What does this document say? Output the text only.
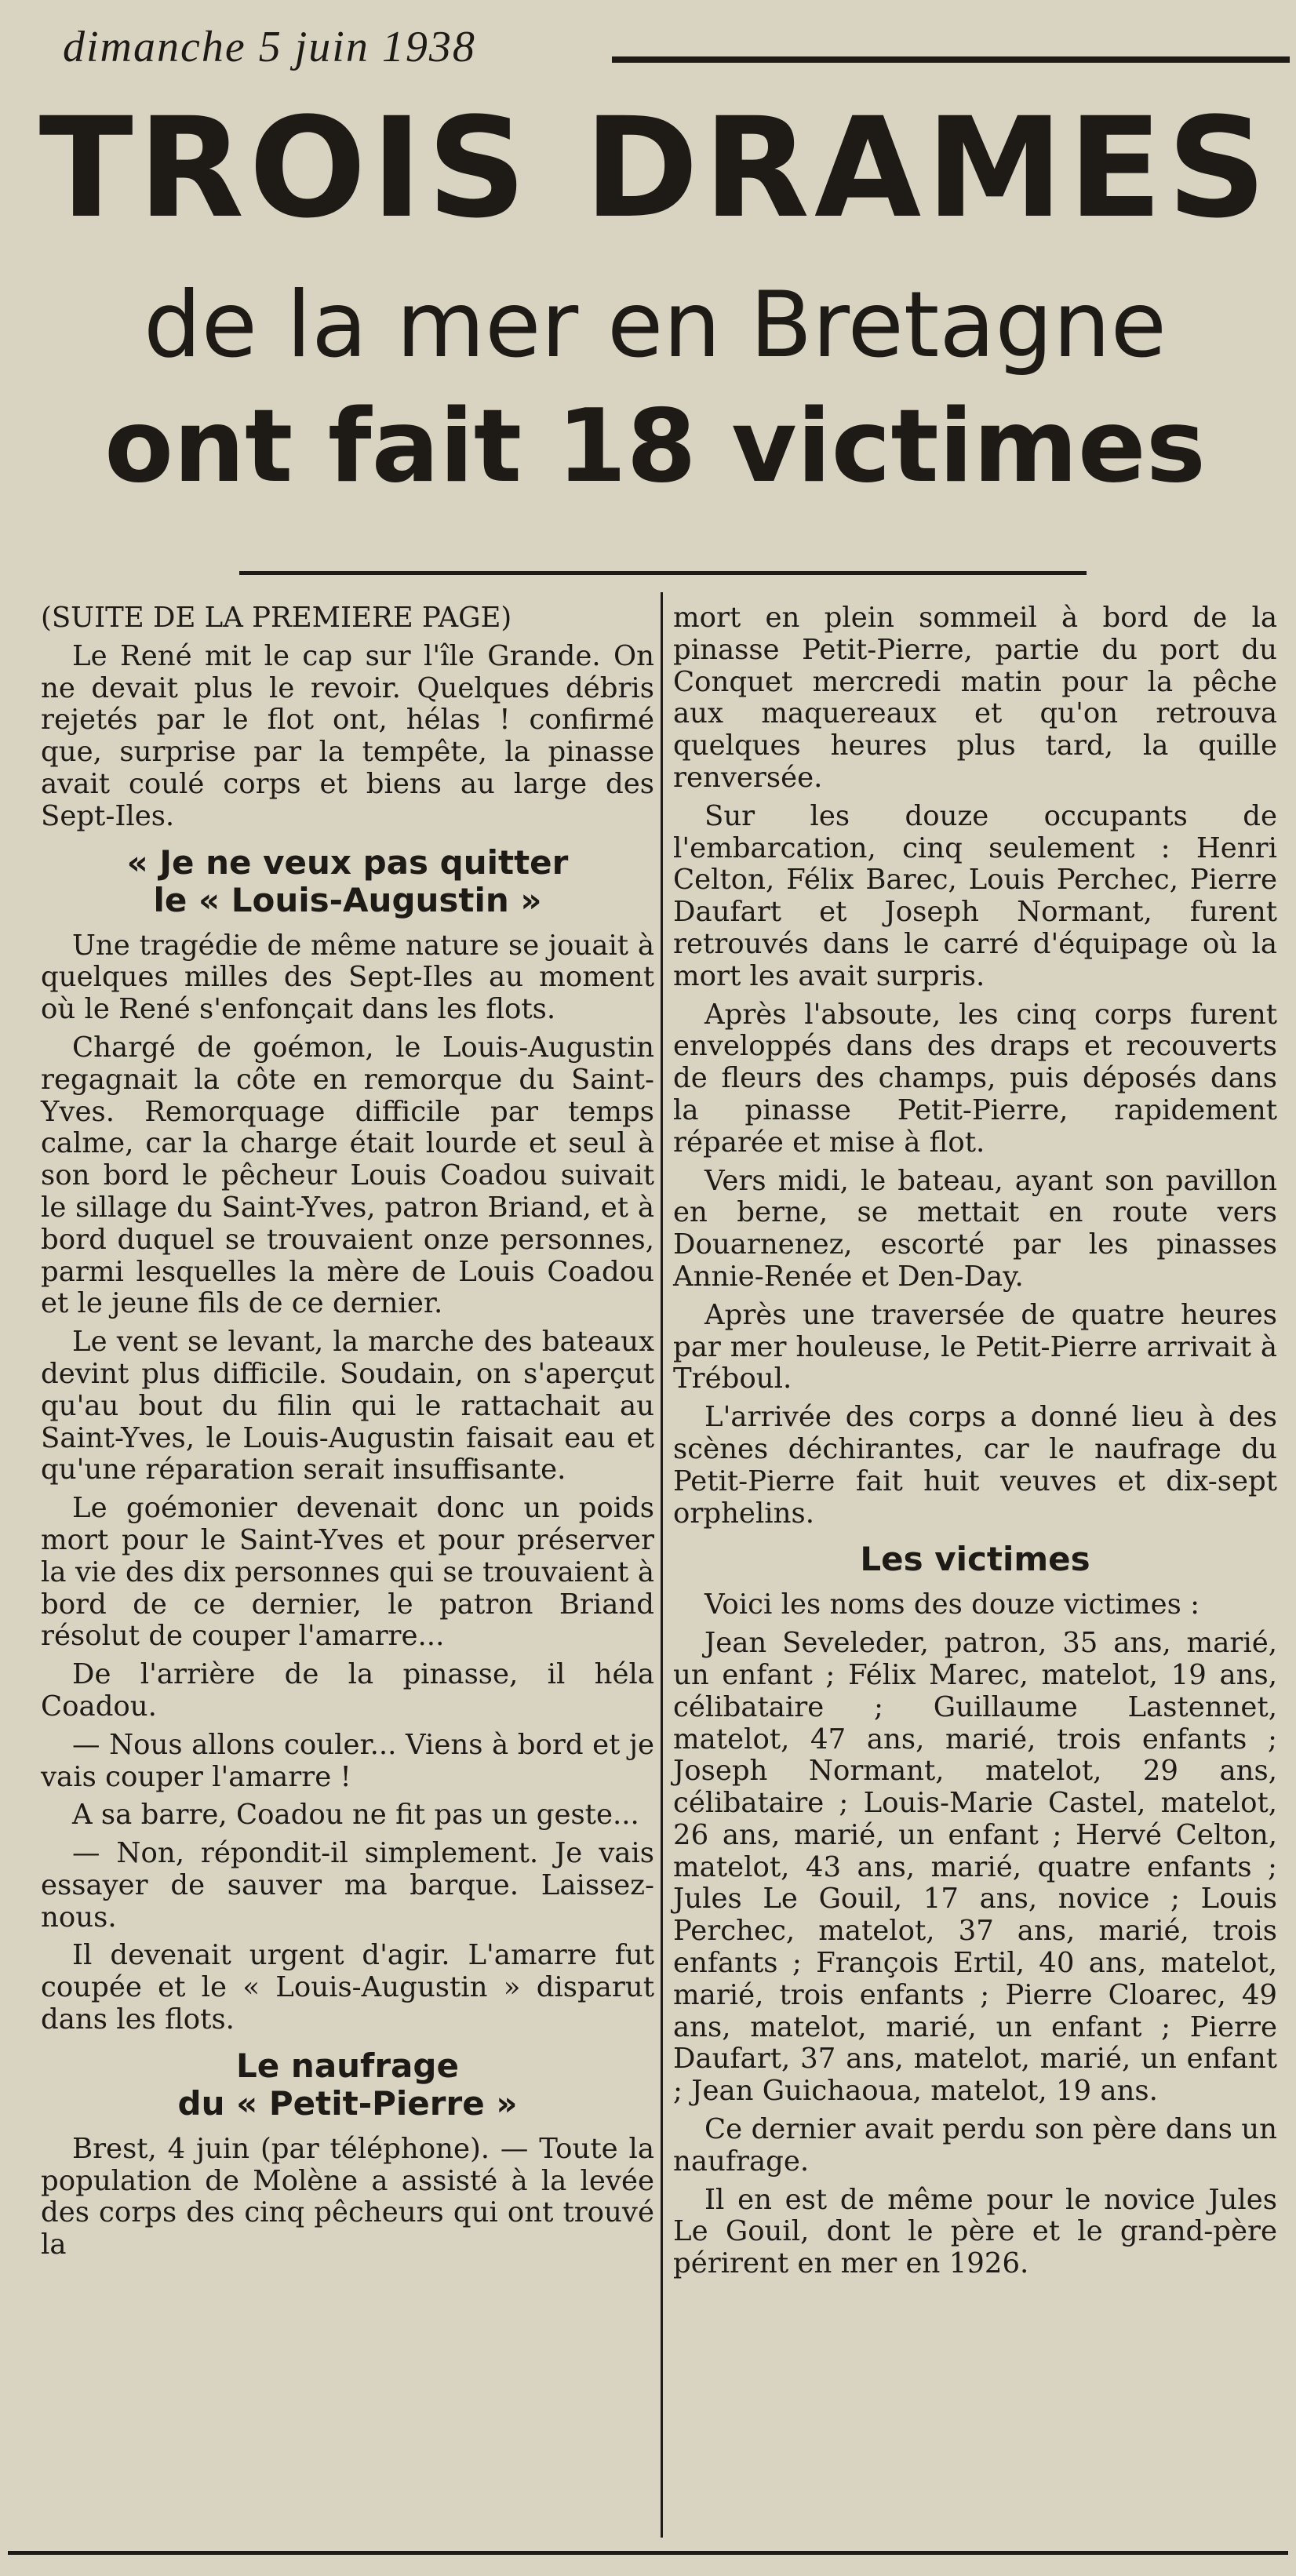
dimanche 5 juin 1938
TROIS DRAMES
de la mer en Bretagne
ont fait 18 victimes

(SUITE DE LA PREMIERE PAGE)

Le René mit le cap sur l'île Grande. On ne devait plus le revoir. Quelques débris rejetés par le flot ont, hélas ! confirmé que, surprise par la tempête, la pinasse avait coulé corps et biens au large des Sept-Iles.

« Je ne veux pas quitter
le « Louis-Augustin »

Une tragédie de même nature se jouait à quelques milles des Sept-Iles au moment où le René s'enfonçait dans les flots.

Chargé de goémon, le Louis-Augustin regagnait la côte en remorque du Saint-Yves. Remorquage difficile par temps calme, car la charge était lourde et seul à son bord le pêcheur Louis Coadou suivait le sillage du Saint-Yves, patron Briand, et à bord duquel se trouvaient onze personnes, parmi lesquelles la mère de Louis Coadou et le jeune fils de ce dernier.

Le vent se levant, la marche des bateaux devint plus difficile. Soudain, on s'aperçut qu'au bout du filin qui le rattachait au Saint-Yves, le Louis-Augustin faisait eau et qu'une réparation serait insuffisante.

Le goémonier devenait donc un poids mort pour le Saint-Yves et pour préserver la vie des dix personnes qui se trouvaient à bord de ce dernier, le patron Briand résolut de couper l'amarre...

De l'arrière de la pinasse, il héla Coadou.

— Nous allons couler... Viens à bord et je vais couper l'amarre !

A sa barre, Coadou ne fit pas un geste...

— Non, répondit-il simplement. Je vais essayer de sauver ma barque. Laissez-nous.

Il devenait urgent d'agir. L'amarre fut coupée et le « Louis-Augustin » disparut dans les flots.

Le naufrage
du « Petit-Pierre »

Brest, 4 juin (par téléphone). — Toute la population de Molène a assisté à la levée des corps des cinq pêcheurs qui ont trouvé la

mort en plein sommeil à bord de la pinasse Petit-Pierre, partie du port du Conquet mercredi matin pour la pêche aux maquereaux et qu'on retrouva quelques heures plus tard, la quille renversée.

Sur les douze occupants de l'embarcation, cinq seulement : Henri Celton, Félix Barec, Louis Perchec, Pierre Daufart et Joseph Normant, furent retrouvés dans le carré d'équipage où la mort les avait surpris.

Après l'absoute, les cinq corps furent enveloppés dans des draps et recouverts de fleurs des champs, puis déposés dans la pinasse Petit-Pierre, rapidement réparée et mise à flot.

Vers midi, le bateau, ayant son pavillon en berne, se mettait en route vers Douarnenez, escorté par les pinasses Annie-Renée et Den-Day.

Après une traversée de quatre heures par mer houleuse, le Petit-Pierre arrivait à Tréboul.

L'arrivée des corps a donné lieu à des scènes déchirantes, car le naufrage du Petit-Pierre fait huit veuves et dix-sept orphelins.

Les victimes

Voici les noms des douze victimes :

Jean Seveleder, patron, 35 ans, marié, un enfant ; Félix Marec, matelot, 19 ans, célibataire ; Guillaume Lastennet, matelot, 47 ans, marié, trois enfants ; Joseph Normant, matelot, 29 ans, célibataire ; Louis-Marie Castel, matelot, 26 ans, marié, un enfant ; Hervé Celton, matelot, 43 ans, marié, quatre enfants ; Jules Le Gouil, 17 ans, novice ; Louis Perchec, matelot, 37 ans, marié, trois enfants ; François Ertil, 40 ans, matelot, marié, trois enfants ; Pierre Cloarec, 49 ans, matelot, marié, un enfant ; Pierre Daufart, 37 ans, matelot, marié, un enfant ; Jean Guichaoua, matelot, 19 ans.

Ce dernier avait perdu son père dans un naufrage.

Il en est de même pour le novice Jules Le Gouil, dont le père et le grand-père périrent en mer en 1926.
